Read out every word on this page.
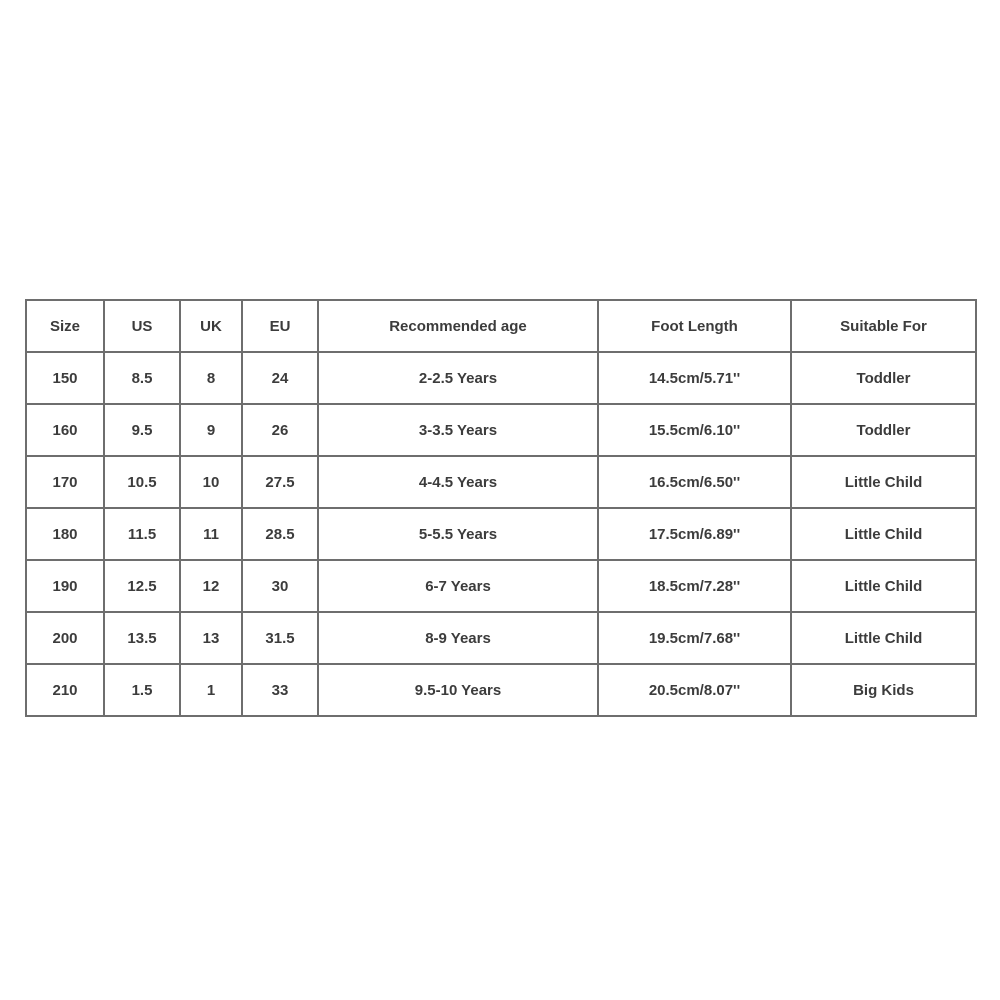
Size	US	UK	EU	Recommended age	Foot Length	Suitable For
150	8.5	8	24	2-2.5 Years	14.5cm/5.71''	Toddler
160	9.5	9	26	3-3.5 Years	15.5cm/6.10''	Toddler
170	10.5	10	27.5	4-4.5 Years	16.5cm/6.50''	Little Child
180	11.5	11	28.5	5-5.5 Years	17.5cm/6.89''	Little Child
190	12.5	12	30	6-7 Years	18.5cm/7.28''	Little Child
200	13.5	13	31.5	8-9 Years	19.5cm/7.68''	Little Child
210	1.5	1	33	9.5-10 Years	20.5cm/8.07''	Big Kids
